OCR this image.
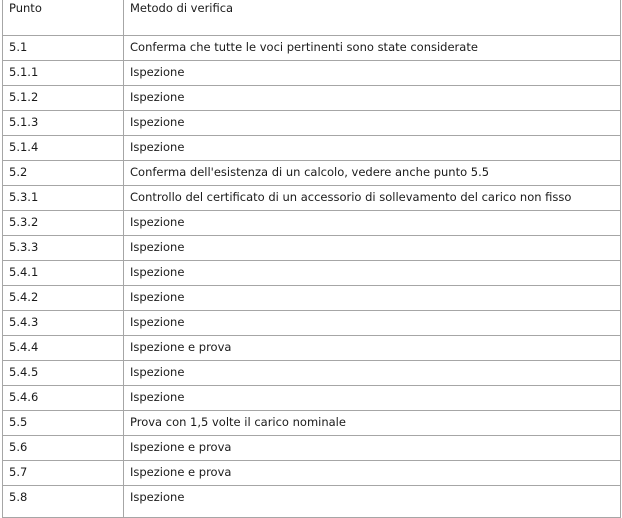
Punto	Metodo di verifica
5.1	Conferma che tutte le voci pertinenti sono state considerate
5.1.1	Ispezione
5.1.2	Ispezione
5.1.3	Ispezione
5.1.4	Ispezione
5.2	Conferma dell'esistenza di un calcolo, vedere anche punto 5.5
5.3.1	Controllo del certificato di un accessorio di sollevamento del carico non fisso
5.3.2	Ispezione
5.3.3	Ispezione
5.4.1	Ispezione
5.4.2	Ispezione
5.4.3	Ispezione
5.4.4	Ispezione e prova
5.4.5	Ispezione
5.4.6	Ispezione
5.5	Prova con 1,5 volte il carico nominale
5.6	Ispezione e prova
5.7	Ispezione e prova
5.8	Ispezione
